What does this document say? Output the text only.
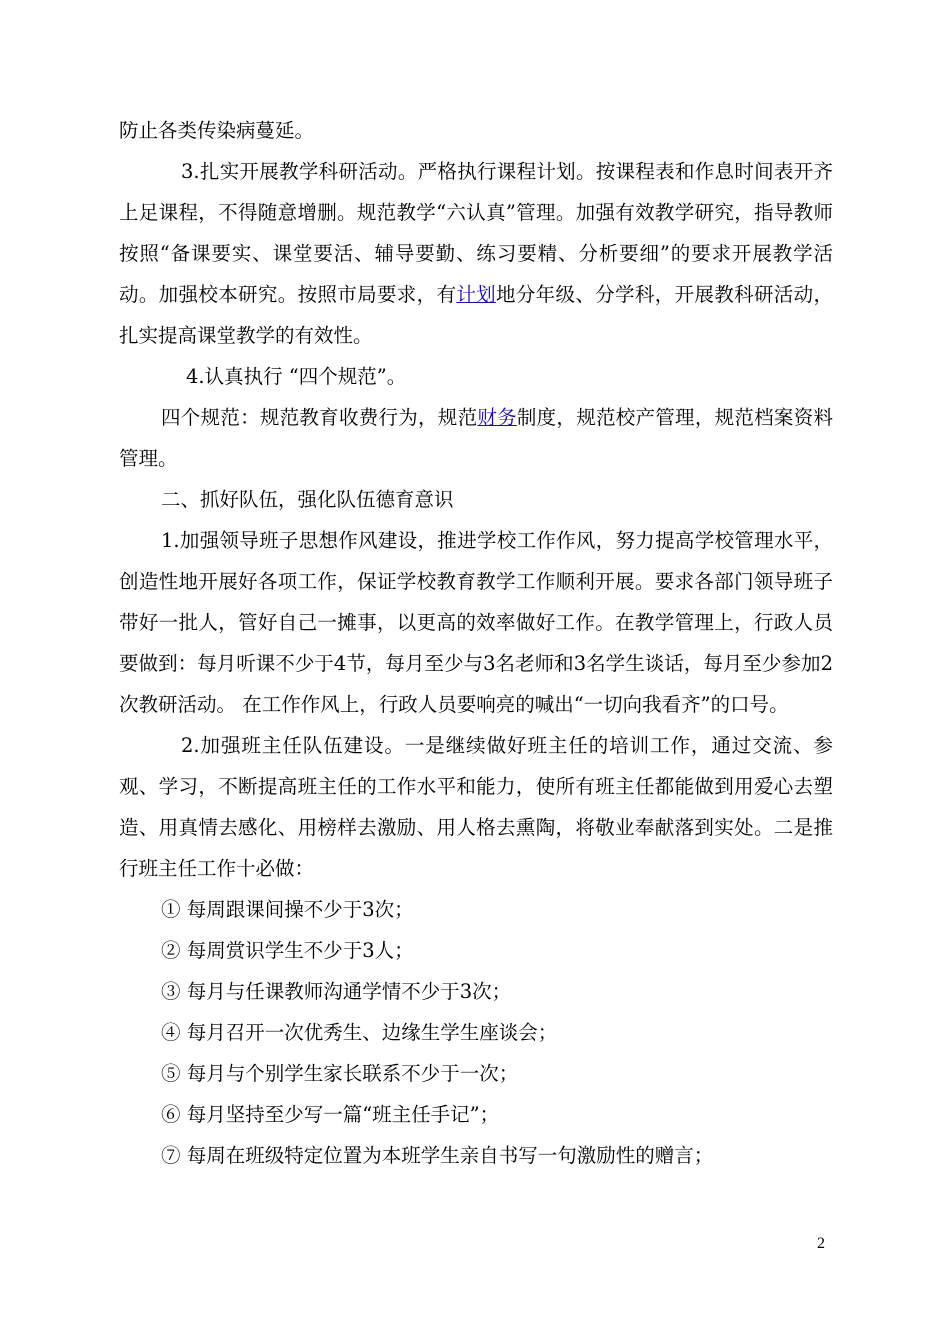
防止各类传染病蔓延。

3.扎实开展教学科研活动。严格执行课程计划。按课程表和作息时间表开齐上足课程，不得随意增删。规范教学“六认真”管理。加强有效教学研究，指导教师按照“备课要实、课堂要活、辅导要勤、练习要精、分析要细”的要求开展教学活动。加强校本研究。按照市局要求，有计划地分年级、分学科，开展教科研活动，扎实提高课堂教学的有效性。

4.认真执行 “四个规范”。

四个规范：规范教育收费行为，规范财务制度，规范校产管理，规范档案资料管理。

二、抓好队伍，强化队伍德育意识

1.加强领导班子思想作风建设，推进学校工作作风，努力提高学校管理水平，创造性地开展好各项工作，保证学校教育教学工作顺利开展。要求各部门领导班子带好一批人，管好自己一摊事，以更高的效率做好工作。在教学管理上，行政人员要做到：每月听课不少于4节，每月至少与3名老师和3名学生谈话，每月至少参加2次教研活动。 在工作作风上，行政人员要响亮的喊出“一切向我看齐”的口号。

2.加强班主任队伍建设。一是继续做好班主任的培训工作，通过交流、参观、学习，不断提高班主任的工作水平和能力，使所有班主任都能做到用爱心去塑造、用真情去感化、用榜样去激励、用人格去熏陶，将敬业奉献落到实处。二是推行班主任工作十必做：

① 每周跟课间操不少于3次；

② 每周赏识学生不少于3人；

③ 每月与任课教师沟通学情不少于3次；

④ 每月召开一次优秀生、边缘生学生座谈会；

⑤ 每月与个别学生家长联系不少于一次；

⑥ 每月坚持至少写一篇“班主任手记”；

⑦ 每周在班级特定位置为本班学生亲自书写一句激励性的赠言；

2
